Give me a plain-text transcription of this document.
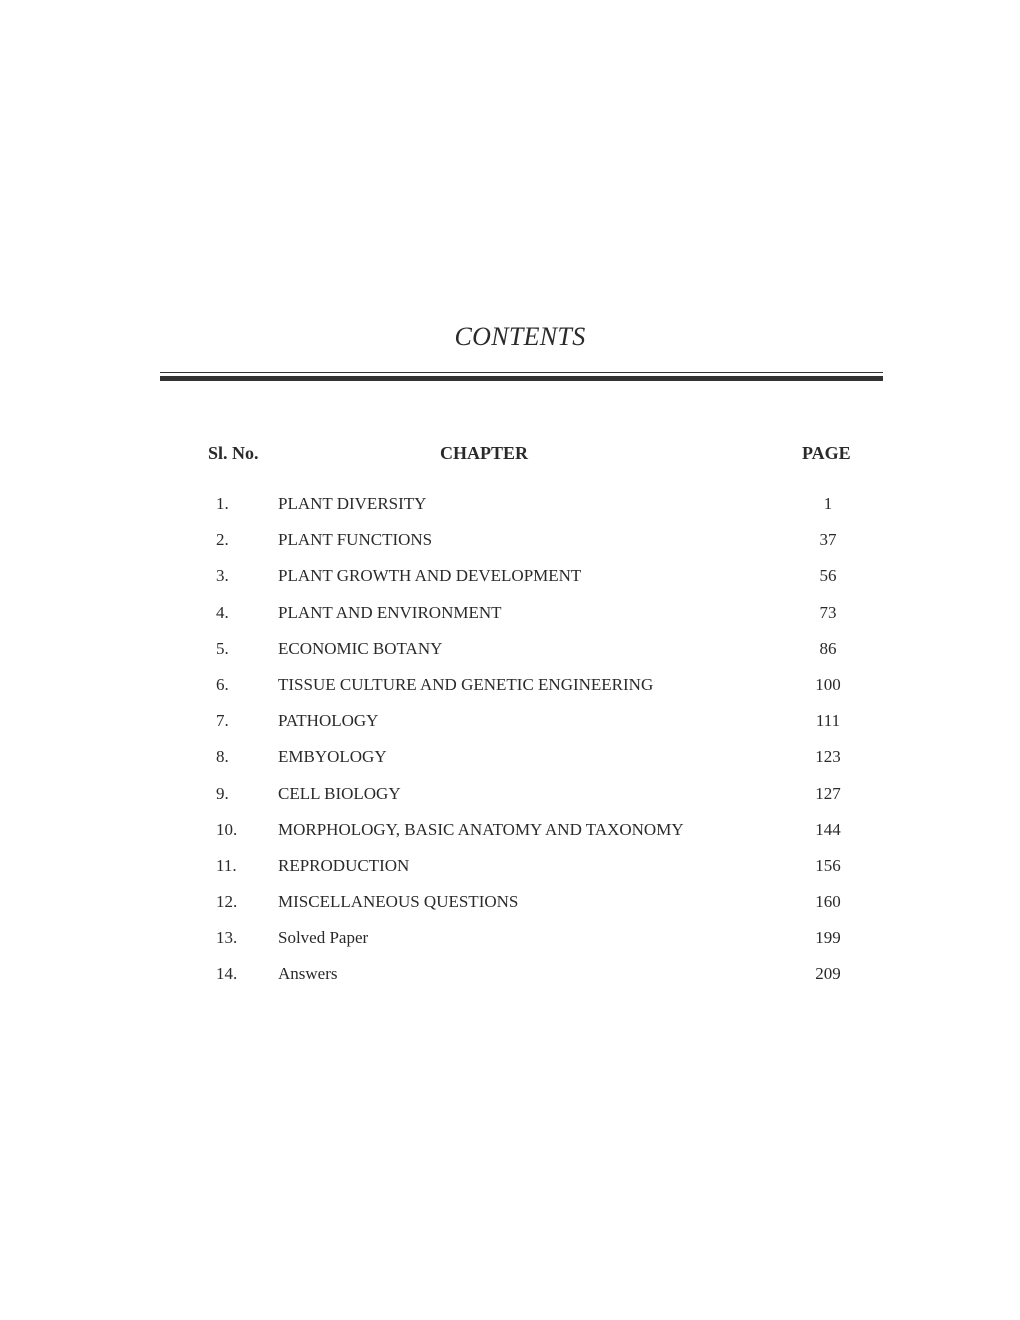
CONTENTS
Sl. No.	CHAPTER	PAGE
1.	PLANT DIVERSITY	1
2.	PLANT FUNCTIONS	37
3.	PLANT GROWTH AND DEVELOPMENT	56
4.	PLANT AND ENVIRONMENT	73
5.	ECONOMIC BOTANY	86
6.	TISSUE CULTURE AND GENETIC ENGINEERING	100
7.	PATHOLOGY	111
8.	EMBYOLOGY	123
9.	CELL BIOLOGY	127
10. MORPHOLOGY, BASIC ANATOMY AND TAXONOMY	144
11. REPRODUCTION	156
12. MISCELLANEOUS QUESTIONS	160
13. Solved Paper	199
14. Answers	209
